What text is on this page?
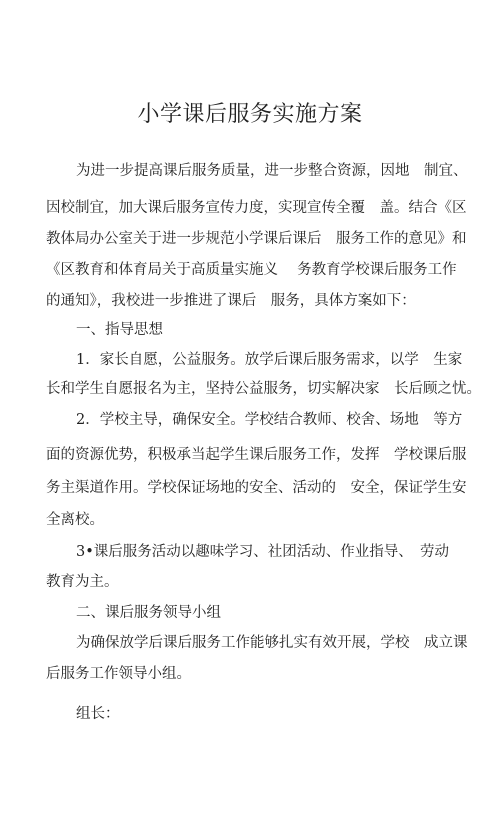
小学课后服务实施方案
为进一步提高课后服务质量，进一步整合资源，因地　制宜、
因校制宜，加大课后服务宣传力度，实现宣传全覆　盖。结合《区
教体局办公室关于进一步规范小学课后课后　服务工作的意见》和
《区教育和体育局关于高质量实施义　 务教育学校课后服务工作
的通知》，我校进一步推进了课后　服务，具体方案如下：
一、指导思想
1．家长自愿，公益服务。放学后课后服务需求，以学　生家
长和学生自愿报名为主，坚持公益服务，切实解决家　长后顾之忧。
2．学校主导，确保安全。学校结合教师、校舍、场地　等方
面的资源优势，积极承当起学生课后服务工作，发挥　学校课后服
务主渠道作用。学校保证场地的安全、活动的　安全，保证学生安
全离校。
3•课后服务活动以趣味学习、社团活动、作业指导、　劳动
教育为主。
二、课后服务领导小组
为确保放学后课后服务工作能够扎实有效开展，学校　成立课
后服务工作领导小组。
组长：
